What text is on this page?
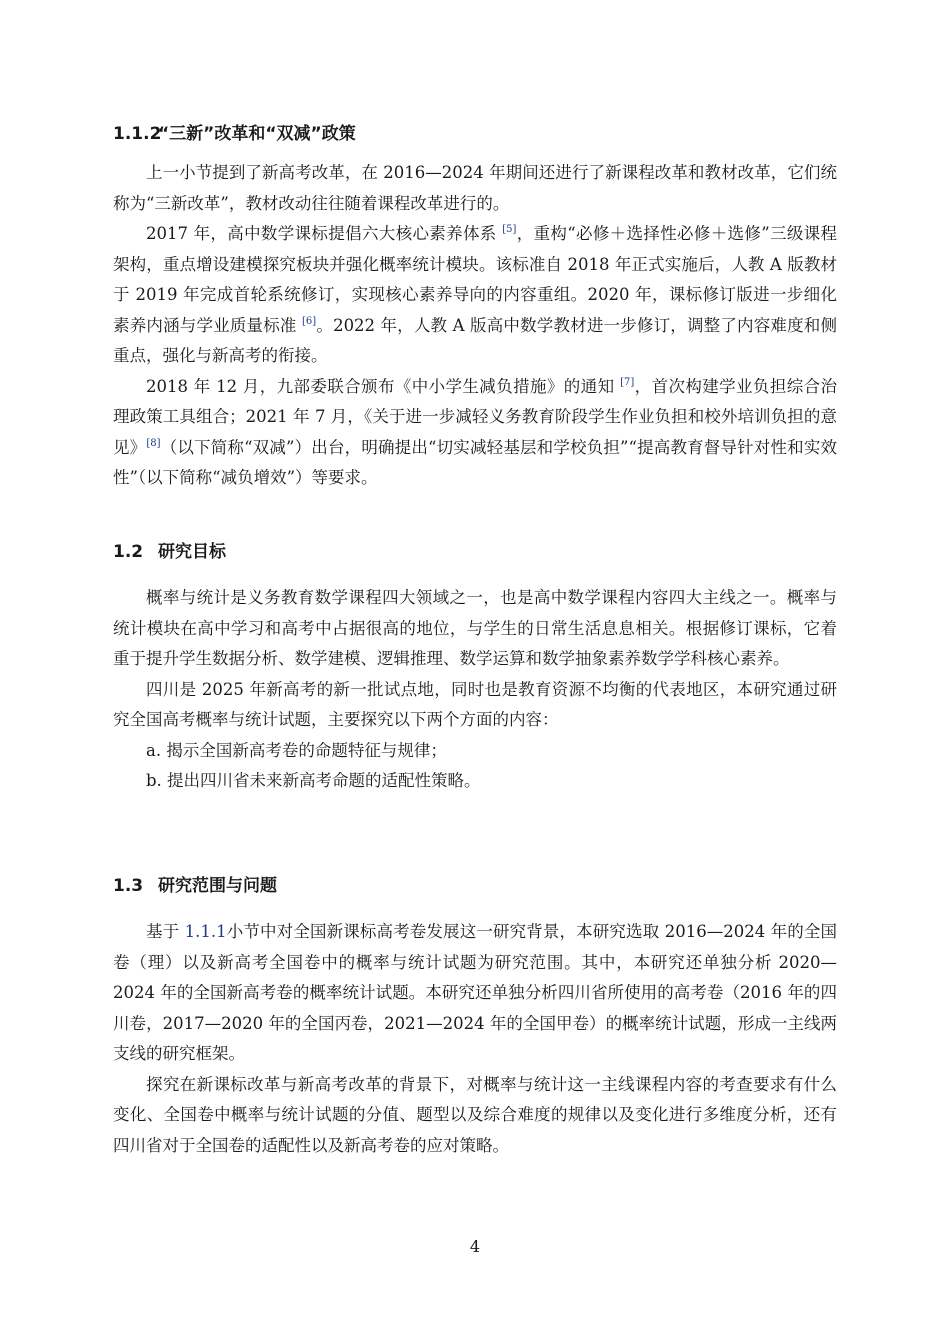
1.1.2“三新”改革和“双减”政策

上一小节提到了新高考改革，在 2016—2024 年期间还进行了新课程改革和教材改革，它们统称为“三新改革”，教材改动往往随着课程改革进行的。

2017 年，高中数学课标提倡六大核心素养体系 [5]，重构“必修＋选择性必修＋选修”三级课程架构，重点增设建模探究板块并强化概率统计模块。该标准自 2018 年正式实施后，人教 A 版教材于 2019 年完成首轮系统修订，实现核心素养导向的内容重组。2020 年，课标修订版进一步细化素养内涵与学业质量标准 [6]。2022 年，人教 A 版高中数学教材进一步修订，调整了内容难度和侧重点，强化与新高考的衔接。

2018 年 12 月，九部委联合颁布《中小学生减负措施》的通知 [7]，首次构建学业负担综合治理政策工具组合；2021 年 7 月，《关于进一步减轻义务教育阶段学生作业负担和校外培训负担的意见》[8]（以下简称“双减”）出台，明确提出“切实减轻基层和学校负担”“提高教育督导针对性和实效性”（以下简称“减负增效”）等要求。

1.2 研究目标

概率与统计是义务教育数学课程四大领域之一，也是高中数学课程内容四大主线之一。概率与统计模块在高中学习和高考中占据很高的地位，与学生的日常生活息息相关。根据修订课标，它着重于提升学生数据分析、数学建模、逻辑推理、数学运算和数学抽象素养数学学科核心素养。

四川是 2025 年新高考的新一批试点地，同时也是教育资源不均衡的代表地区，本研究通过研究全国高考概率与统计试题，主要探究以下两个方面的内容：

a. 揭示全国新高考卷的命题特征与规律；

b. 提出四川省未来新高考命题的适配性策略。

1.3 研究范围与问题

基于 1.1.1小节中对全国新课标高考卷发展这一研究背景，本研究选取 2016—2024 年的全国卷（理）以及新高考全国卷中的概率与统计试题为研究范围。其中，本研究还单独分析 2020—2024 年的全国新高考卷的概率统计试题。本研究还单独分析四川省所使用的高考卷（2016 年的四川卷，2017—2020 年的全国丙卷，2021—2024 年的全国甲卷）的概率统计试题，形成一主线两支线的研究框架。

探究在新课标改革与新高考改革的背景下，对概率与统计这一主线课程内容的考查要求有什么变化、全国卷中概率与统计试题的分值、题型以及综合难度的规律以及变化进行多维度分析，还有四川省对于全国卷的适配性以及新高考卷的应对策略。

4
